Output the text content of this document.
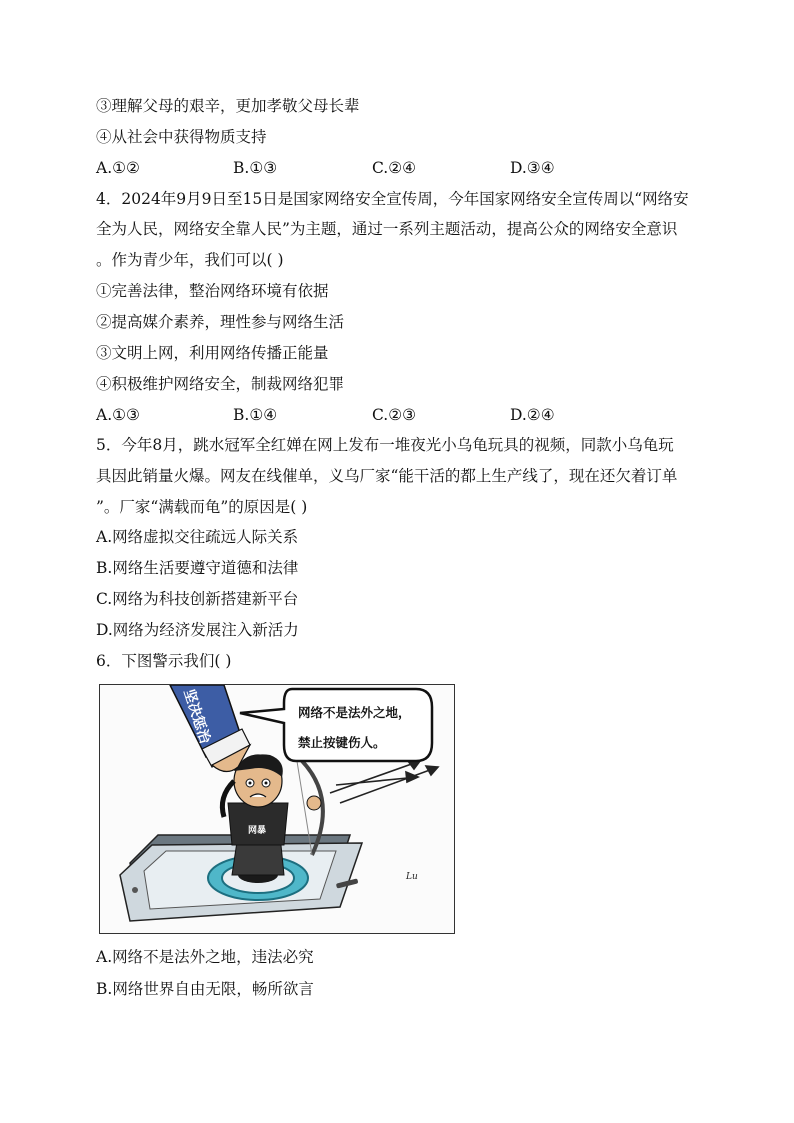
③理解父母的艰辛，更加孝敬父母长辈
④从社会中获得物质支持
A.①②	B.①③	C.②④	D.③④
4．2024年9月9日至15日是国家网络安全宣传周，今年国家网络安全宣传周以“网络安
全为人民，网络安全靠人民”为主题，通过一系列主题活动，提高公众的网络安全意识
。作为青少年，我们可以( )
①完善法律，整治网络环境有依据
②提高媒介素养，理性参与网络生活
③文明上网，利用网络传播正能量
④积极维护网络安全，制裁网络犯罪
A.①③	B.①④	C.②③	D.②④
5．今年8月，跳水冠军全红婵在网上发布一堆夜光小乌龟玩具的视频，同款小乌龟玩
具因此销量火爆。网友在线催单，义乌厂家“能干活的都上生产线了，现在还欠着订单
”。厂家“满载而龟”的原因是( )
A.网络虚拟交往疏远人际关系
B.网络生活要遵守道德和法律
C.网络为科技创新搭建新平台
D.网络为经济发展注入新活力
6．下图警示我们( )
网暴
坚决惩治	网络不是法外之地，
禁止按键伤人。
Lu
A.网络不是法外之地，违法必究
B.网络世界自由无限，畅所欲言
